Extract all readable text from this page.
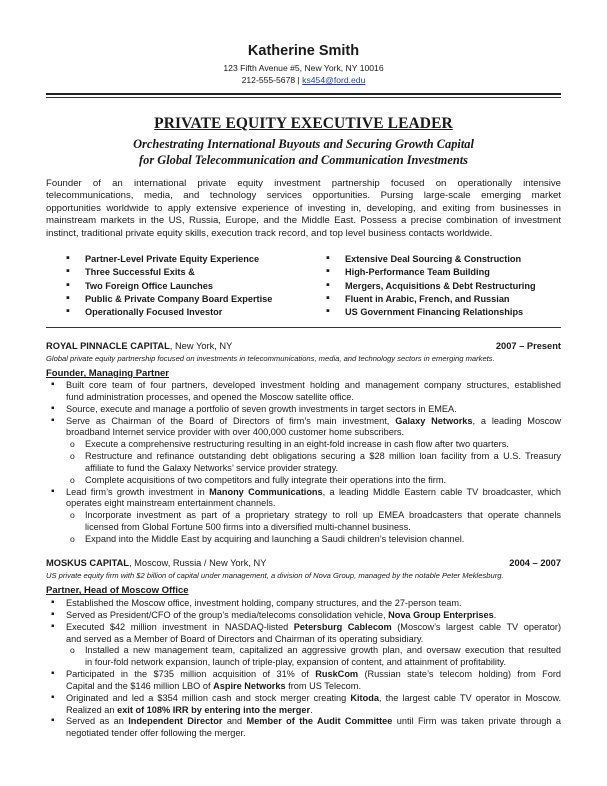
Katherine Smith
123 Fifth Avenue #5, New York, NY 10016
212-555-5678 | ks454@ford.edu
PRIVATE EQUITY EXECUTIVE LEADER
Orchestrating International Buyouts and Securing Growth Capital
for Global Telecommunication and Communication Investments
Founder of an international private equity investment partnership focused on operationally intensive
telecommunications, media, and technology services opportunities. Pursing large-scale emerging market
opportunities worldwide to apply extensive experience of investing in, developing, and exiting from businesses in
mainstream markets in the US, Russia, Europe, and the Middle East. Possess a precise combination of investment
instinct, traditional private equity skills, execution track record, and top level business contacts worldwide.
▪ Partner-Level Private Equity Experience
▪ Three Successful Exits &
▪ Two Foreign Office Launches
▪ Public & Private Company Board Expertise
▪ Operationally Focused Investor
▪ Extensive Deal Sourcing & Construction
▪ High-Performance Team Building
▪ Mergers, Acquisitions & Debt Restructuring
▪ Fluent in Arabic, French, and Russian
▪ US Government Financing Relationships
ROYAL PINNACLE CAPITAL, New York, NY	2007 – Present
Global private equity partnership focused on investments in telecommunications, media, and technology sectors in emerging markets.
Founder, Managing Partner
▪ Built core team of four partners, developed investment holding and management company structures, established
fund administration processes, and opened the Moscow satellite office.
▪ Source, execute and manage a portfolio of seven growth investments in target sectors in EMEA.
▪ Serve as Chairman of the Board of Directors of firm’s main investment, Galaxy Networks, a leading Moscow
broadband Internet service provider with over 400,000 customer home subscribers.
o Execute a comprehensive restructuring resulting in an eight-fold increase in cash flow after two quarters.
o Restructure and refinance outstanding debt obligations securing a $28 million loan facility from a U.S. Treasury
affiliate to fund the Galaxy Networks’ service provider strategy.
o Complete acquisitions of two competitors and fully integrate their operations into the firm.
▪ Lead firm’s growth investment in Manony Communications, a leading Middle Eastern cable TV broadcaster, which
operates eight mainstream entertainment channels.
o Incorporate investment as part of a proprietary strategy to roll up EMEA broadcasters that operate channels
licensed from Global Fortune 500 firms into a diversified multi-channel business.
o Expand into the Middle East by acquiring and launching a Saudi children’s television channel.
MOSKUS CAPITAL, Moscow, Russia / New York, NY	2004 – 2007
US private equity firm with $2 billion of capital under management, a division of Nova Group, managed by the notable Peter Meklesburg.
Partner, Head of Moscow Office
▪ Established the Moscow office, investment holding, company structures, and the 27-person team.
▪ Served as President/CFO of the group’s media/telecoms consolidation vehicle, Nova Group Enterprises.
▪ Executed $42 million investment in NASDAQ-listed Petersburg Cablecom (Moscow’s largest cable TV operator)
and served as a Member of Board of Directors and Chairman of its operating subsidiary.
o Installed a new management team, capitalized an aggressive growth plan, and oversaw execution that resulted
in four-fold network expansion, launch of triple-play, expansion of content, and attainment of profitability.
▪ Participated in the $735 million acquisition of 31% of RuskCom (Russian state’s telecom holding) from Ford
Capital and the $146 million LBO of Aspire Networks from US Telecom.
▪ Originated and led a $354 million cash and stock merger creating Kitoda, the largest cable TV operator in Moscow.
Realized an exit of 108% IRR by entering into the merger.
▪ Served as an Independent Director and Member of the Audit Committee until Firm was taken private through a
negotiated tender offer following the merger.
